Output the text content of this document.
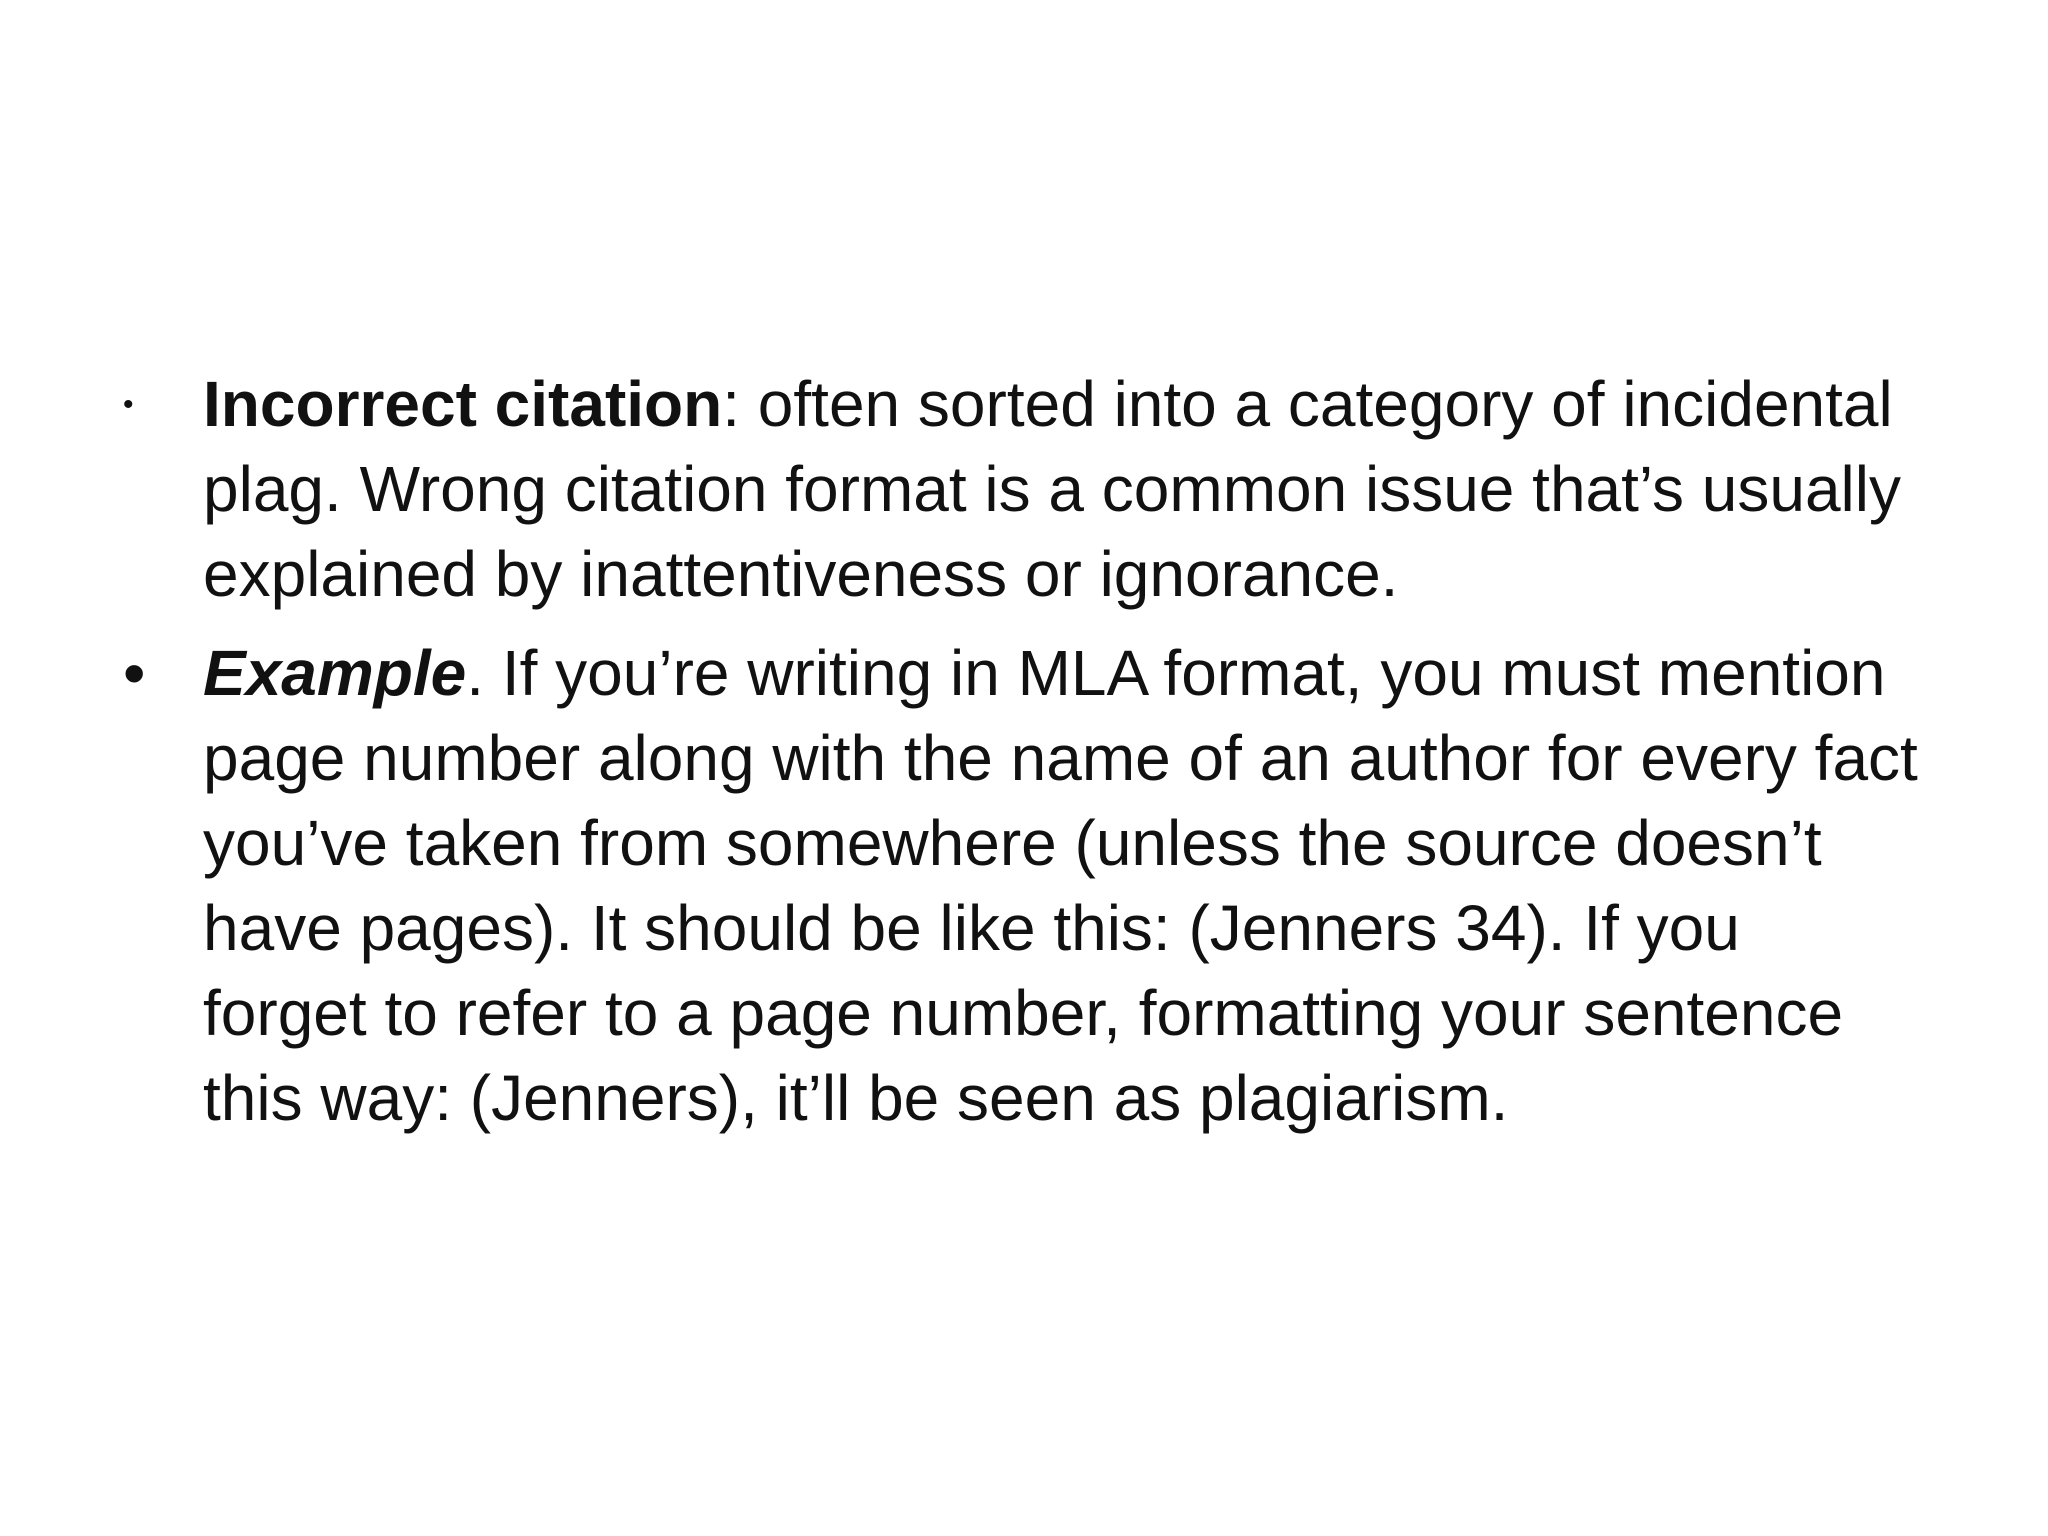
• Incorrect citation: often sorted into a category of incidental plag. Wrong citation format is a common issue that’s usually explained by inattentiveness or ignorance.
• Example. If you’re writing in MLA format, you must mention page number along with the name of an author for every fact you’ve taken from somewhere (unless the source doesn’t have pages). It should be like this: (Jenners 34). If you forget to refer to a page number, formatting your sentence this way: (Jenners), it’ll be seen as plagiarism.
